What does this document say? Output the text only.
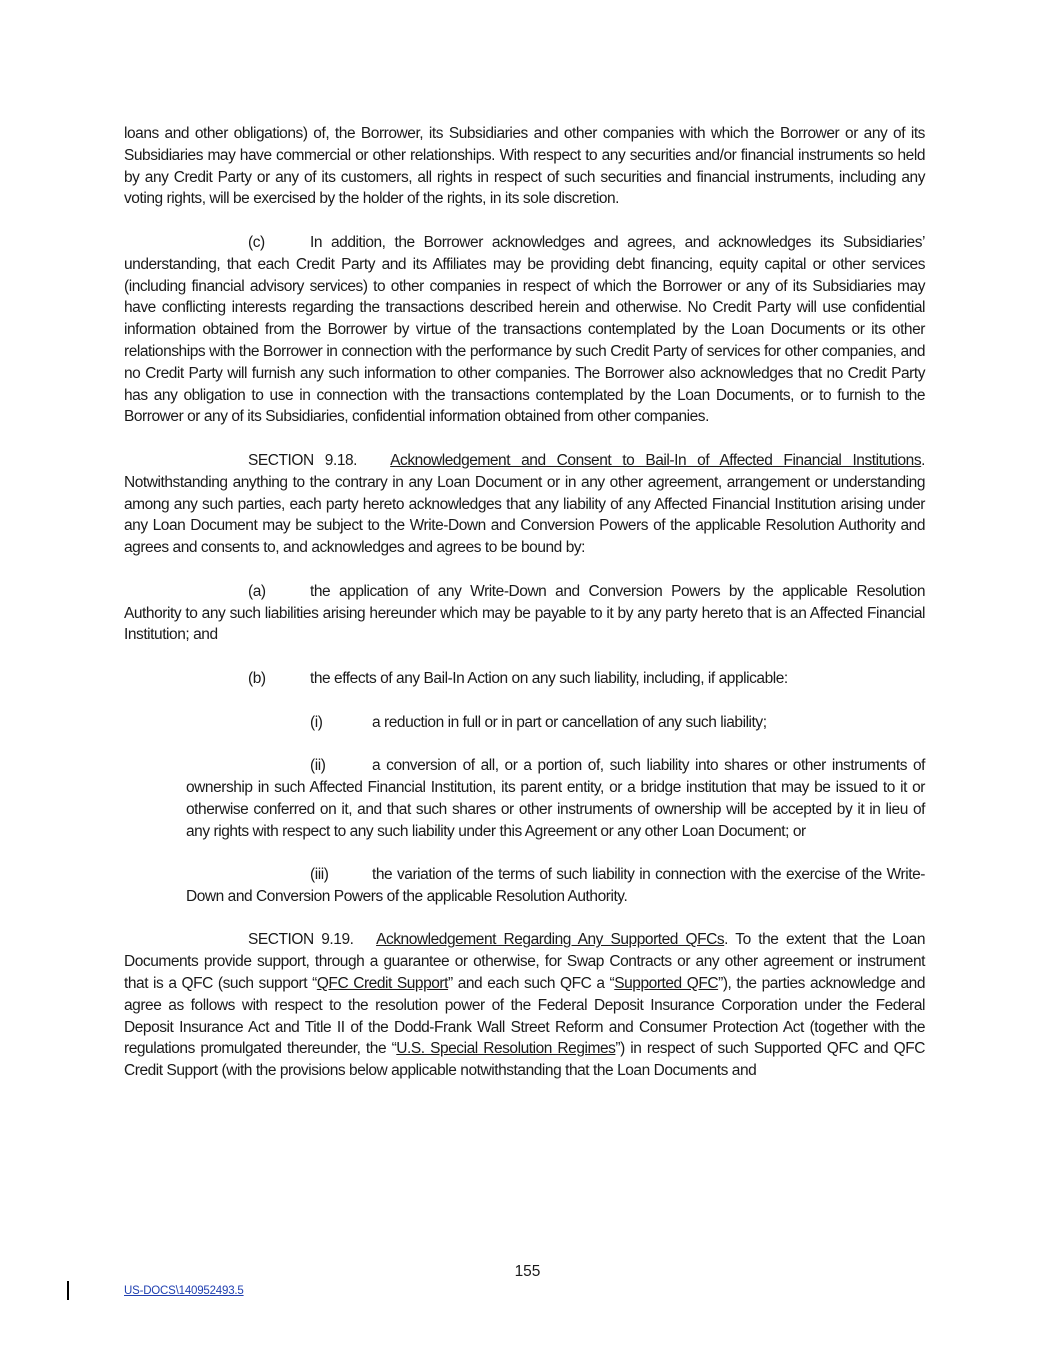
loans and other obligations) of, the Borrower, its Subsidiaries and other companies with which the Borrower or any of its Subsidiaries may have commercial or other relationships. With respect to any securities and/or financial instruments so held by any Credit Party or any of its customers, all rights in respect of such securities and financial instruments, including any voting rights, will be exercised by the holder of the rights, in its sole discretion.

(c)	In addition, the Borrower acknowledges and agrees, and acknowledges its Subsidiaries’ understanding, that each Credit Party and its Affiliates may be providing debt financing, equity capital or other services (including financial advisory services) to other companies in respect of which the Borrower or any of its Subsidiaries may have conflicting interests regarding the transactions described herein and otherwise. No Credit Party will use confidential information obtained from the Borrower by virtue of the transactions contemplated by the Loan Documents or its other relationships with the Borrower in connection with the performance by such Credit Party of services for other companies, and no Credit Party will furnish any such information to other companies. The Borrower also acknowledges that no Credit Party has any obligation to use in connection with the transactions contemplated by the Loan Documents, or to furnish to the Borrower or any of its Subsidiaries, confidential information obtained from other companies.

SECTION 9.18. Acknowledgement and Consent to Bail-In of Affected Financial Institutions. Notwithstanding anything to the contrary in any Loan Document or in any other agreement, arrangement or understanding among any such parties, each party hereto acknowledges that any liability of any Affected Financial Institution arising under any Loan Document may be subject to the Write-Down and Conversion Powers of the applicable Resolution Authority and agrees and consents to, and acknowledges and agrees to be bound by:

(a)	the application of any Write-Down and Conversion Powers by the applicable Resolution Authority to any such liabilities arising hereunder which may be payable to it by any party hereto that is an Affected Financial Institution; and

(b)	the effects of any Bail-In Action on any such liability, including, if applicable:

(i)	a reduction in full or in part or cancellation of any such liability;

(ii)	a conversion of all, or a portion of, such liability into shares or other instruments of ownership in such Affected Financial Institution, its parent entity, or a bridge institution that may be issued to it or otherwise conferred on it, and that such shares or other instruments of ownership will be accepted by it in lieu of any rights with respect to any such liability under this Agreement or any other Loan Document; or

(iii)	the variation of the terms of such liability in connection with the exercise of the Write-Down and Conversion Powers of the applicable Resolution Authority.

SECTION 9.19. Acknowledgement Regarding Any Supported QFCs. To the extent that the Loan Documents provide support, through a guarantee or otherwise, for Swap Contracts or any other agreement or instrument that is a QFC (such support “QFC Credit Support” and each such QFC a “Supported QFC”), the parties acknowledge and agree as follows with respect to the resolution power of the Federal Deposit Insurance Corporation under the Federal Deposit Insurance Act and Title II of the Dodd-Frank Wall Street Reform and Consumer Protection Act (together with the regulations promulgated thereunder, the “U.S. Special Resolution Regimes”) in respect of such Supported QFC and QFC Credit Support (with the provisions below applicable notwithstanding that the Loan Documents and

155
US-DOCS\140952493.5
